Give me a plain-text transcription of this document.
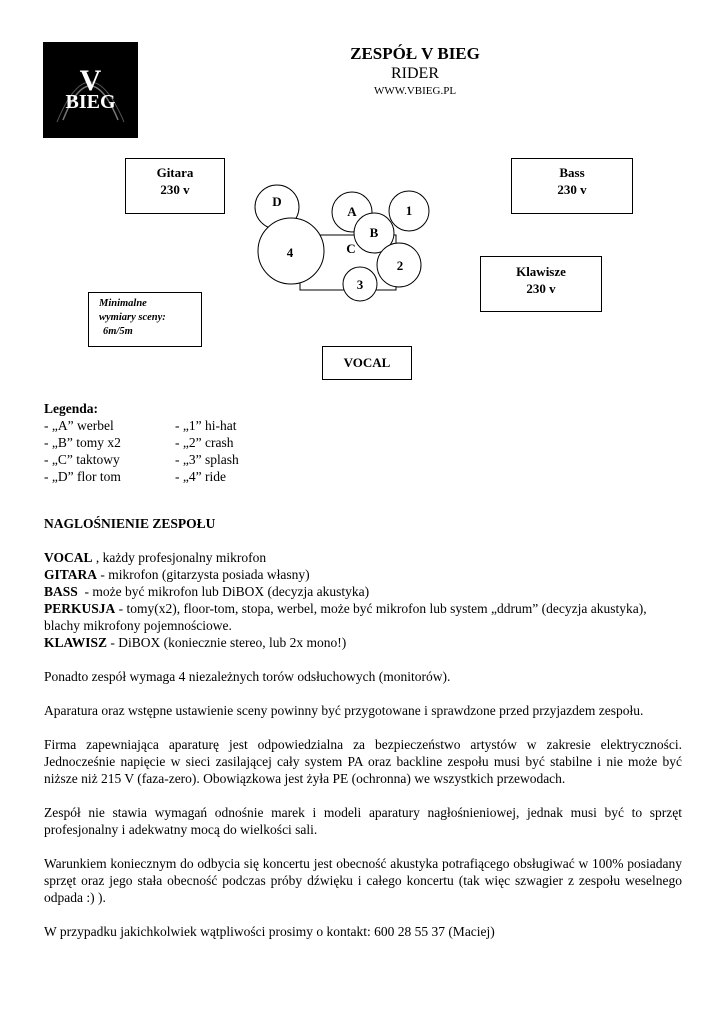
V
BIEG
ZESPÓŁ V BIEG
RIDER
WWW.VBIEG.PL
Gitara
230 v
Bass
230 v
Klawisze
230 v
VOCAL
Minimalne
wymiary sceny:
6m/5m
D
A	1
4
B
C
2
3
Legenda:
- „A” werbel	- „1” hi-hat
- „B” tomy x2	- „2” crash
- „C” taktowy	- „3” splash
- „D” flor tom	- „4” ride

NAGLOŚNIENIE ZESPOŁU

VOCAL , każdy profesjonalny mikrofon
GITARA - mikrofon (gitarzysta posiada własny)
BASS  - może być mikrofon lub DiBOX (decyzja akustyka)
PERKUSJA - tomy(x2), floor-tom, stopa, werbel, może być mikrofon lub system „ddrum” (decyzja akustyka), blachy mikrofony pojemnościowe.
KLAWISZ - DiBOX (koniecznie stereo, lub 2x mono!)

Ponadto zespół wymaga 4 niezależnych torów odsłuchowych (monitorów).

Aparatura oraz wstępne ustawienie sceny powinny być przygotowane i sprawdzone przed przyjazdem zespołu.

Firma zapewniająca aparaturę jest odpowiedzialna za bezpieczeństwo artystów w zakresie elektryczności. Jednocześnie napięcie w sieci zasilającej cały system PA oraz backline zespołu musi być stabilne i nie może być niższe niż 215 V (faza-zero). Obowiązkowa jest żyła PE (ochronna) we wszystkich przewodach.

Zespół nie stawia wymagań odnośnie marek i modeli aparatury nagłośnieniowej, jednak musi być to sprzęt profesjonalny i adekwatny mocą do wielkości sali.

Warunkiem koniecznym do odbycia się koncertu jest obecność akustyka potrafiącego obsługiwać w 100% posiadany sprzęt oraz jego stała obecność podczas próby dźwięku i całego koncertu (tak więc szwagier z zespołu weselnego odpada :) ).

W przypadku jakichkolwiek wątpliwości prosimy o kontakt: 600 28 55 37 (Maciej)
